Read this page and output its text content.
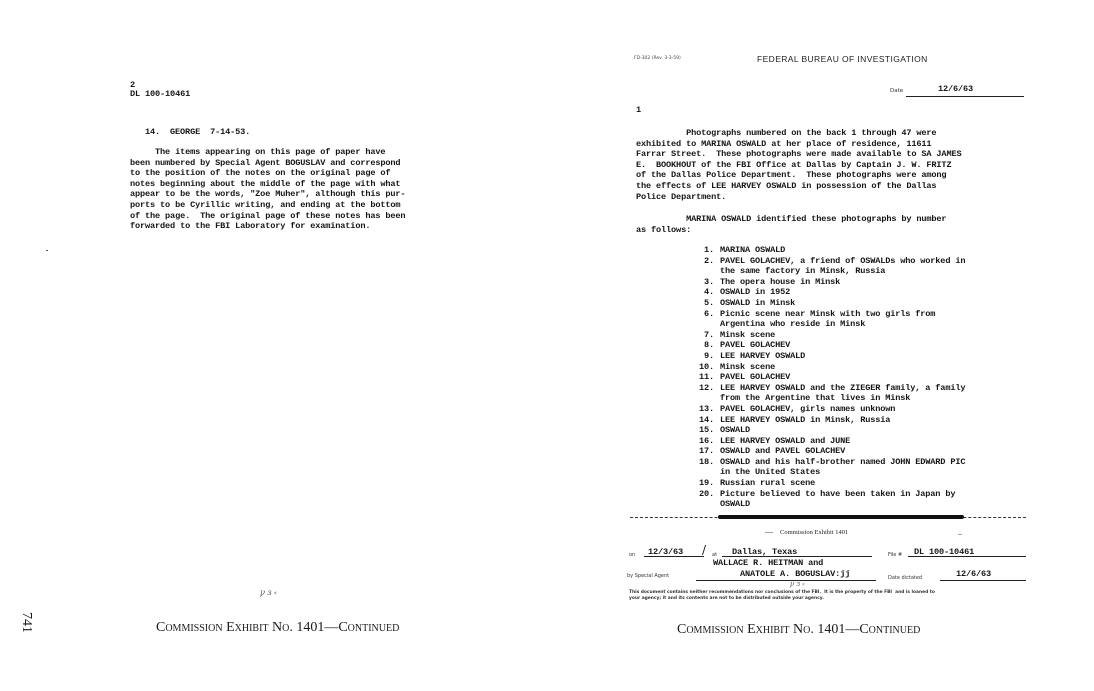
2
DL 100-10461
14.  GEORGE  7-14-53.
The items appearing on this page of paper have
been numbered by Special Agent BOGUSLAV and correspond
to the position of the notes on the original page of
notes beginning about the middle of the page with what
appear to be the words, "Zoe Muher", although this pur-
ports to be Cyrillic writing, and ending at the bottom
of the page.  The original page of these notes has been
forwarded to the FBI Laboratory for examination.
ꝩ ɜ ⸗
Commission Exhibit No. 1401—Continued
741
FD-302 (Rev. 3-3-59)	FEDERAL BUREAU OF INVESTIGATION
Date	12/6/63
1
Photographs numbered on the back 1 through 47 were
exhibited to MARINA OSWALD at her place of residence, 11611
Farrar Street.  These photographs were made available to SA JAMES
E.  BOOKHOUT of the FBI Office at Dallas by Captain J. W. FRITZ
of the Dallas Police Department.  These photographs were among
the effects of LEE HARVEY OSWALD in possession of the Dallas
Police Department.
MARINA OSWALD identified these photographs by number
as follows:
1. MARINA OSWALD
2. PAVEL GOLACHEV, a friend of OSWALDs who worked in
the same factory in Minsk, Russia
3. The opera house in Minsk
4. OSWALD in 1952
5. OSWALD in Minsk
6. Picnic scene near Minsk with two girls from
Argentina who reside in Minsk
7. Minsk scene
8. PAVEL GOLACHEV
9. LEE HARVEY OSWALD
10. Minsk scene
11. PAVEL GOLACHEV
12. LEE HARVEY OSWALD and the ZIEGER family, a family
from the Argentine that lives in Minsk
13. PAVEL GOLACHEV, girls names unknown
14. LEE HARVEY OSWALD in Minsk, Russia
15. OSWALD
16. LEE HARVEY OSWALD and JUNE
17. OSWALD and PAVEL GOLACHEV
18. OSWALD and his half-brother named JOHN EDWARD PIC
in the United States
19. Russian rural scene
20. Picture believed to have been taken in Japan by
OSWALD
— Commission Exhibit 1401	–
on 12/3/63 / at Dallas, Texas	File # DL 100-10461
WALLACE R. HEITMAN and
by Special Agent	ANATOLE A. BOGUSLAV:jj	Date dictated	12/6/63
ꝩ ɜ ⸗
This document contains neither recommendations nor conclusions of the FBI.  It is the property of the FBI  and is loaned to
your agency; it and its contents are not to be distributed outside your agency.
Commission Exhibit No. 1401—Continued
